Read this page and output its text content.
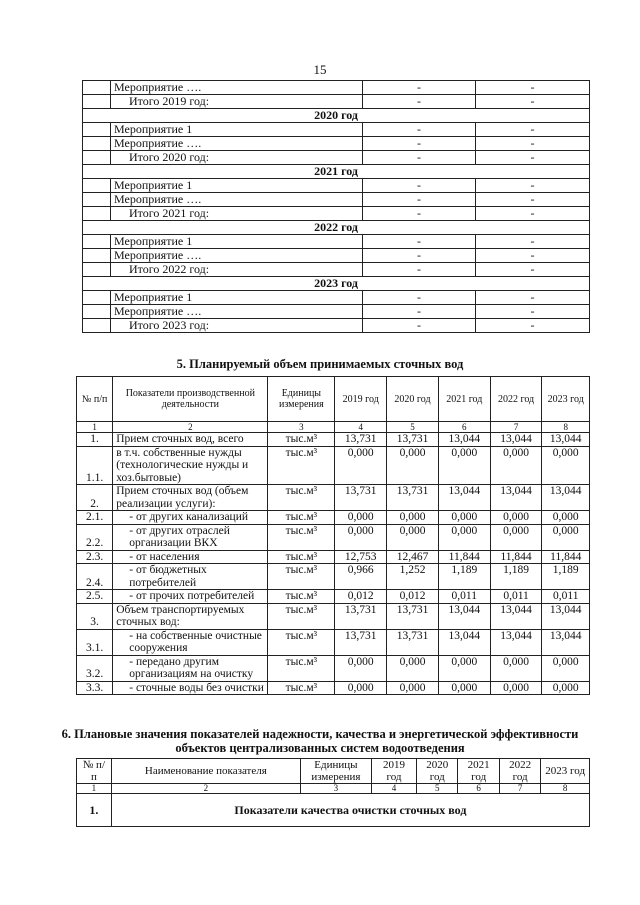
15
	Мероприятие ….	-	-
	Итого 2019 год:	-	-
2020 год			
	Мероприятие 1	-	-
	Мероприятие ….	-	-
	Итого 2020 год:	-	-
2021 год			
	Мероприятие 1	-	-
	Мероприятие ….	-	-
	Итого 2021 год:	-	-
2022 год			
	Мероприятие 1	-	-
	Мероприятие ….	-	-
	Итого 2022 год:	-	-
2023 год			
	Мероприятие 1	-	-
	Мероприятие ….	-	-
	Итого 2023 год:	-	-
5. Планируемый объем принимаемых сточных вод
№ п/п	Показатели производственной деятельности	Единицы измерения	2019 год	2020 год	2021 год	2022 год	2023 год
1	2	3	4	5	6	7	8
1.	Прием сточных вод, всего	тыс.м³	13,731	13,731	13,044	13,044	13,044
1.1.	в т.ч. собственные нужды (технологические нужды и хоз.бытовые)	тыс.м³	0,000	0,000	0,000	0,000	0,000
2.	Прием сточных вод (объем реализации услуги):	тыс.м³	13,731	13,731	13,044	13,044	13,044
2.1.	- от других канализаций	тыс.м³	0,000	0,000	0,000	0,000	0,000
2.2.	- от других отраслей организации ВКХ	тыс.м³	0,000	0,000	0,000	0,000	0,000
2.3.	- от населения	тыс.м³	12,753	12,467	11,844	11,844	11,844
2.4.	- от бюджетных потребителей	тыс.м³	0,966	1,252	1,189	1,189	1,189
2.5.	- от прочих потребителей	тыс.м³	0,012	0,012	0,011	0,011	0,011
3.	Объем транспортируемых сточных вод:	тыс.м³	13,731	13,731	13,044	13,044	13,044
3.1.	- на собственные очистные сооружения	тыс.м³	13,731	13,731	13,044	13,044	13,044
3.2.	- передано другим организациям на очистку	тыс.м³	0,000	0,000	0,000	0,000	0,000
3.3.	- сточные воды без очистки	тыс.м³	0,000	0,000	0,000	0,000	0,000
6. Плановые значения показателей надежности, качества и энергетической эффективности
объектов централизованных систем водоотведения
№ п/п	Наименование показателя	Единицы измерения	2019 год	2020 год	2021 год	2022 год	2023 год
1	2	3	4	5	6	7	8
1.	Показатели качества очистки сточных вод						
